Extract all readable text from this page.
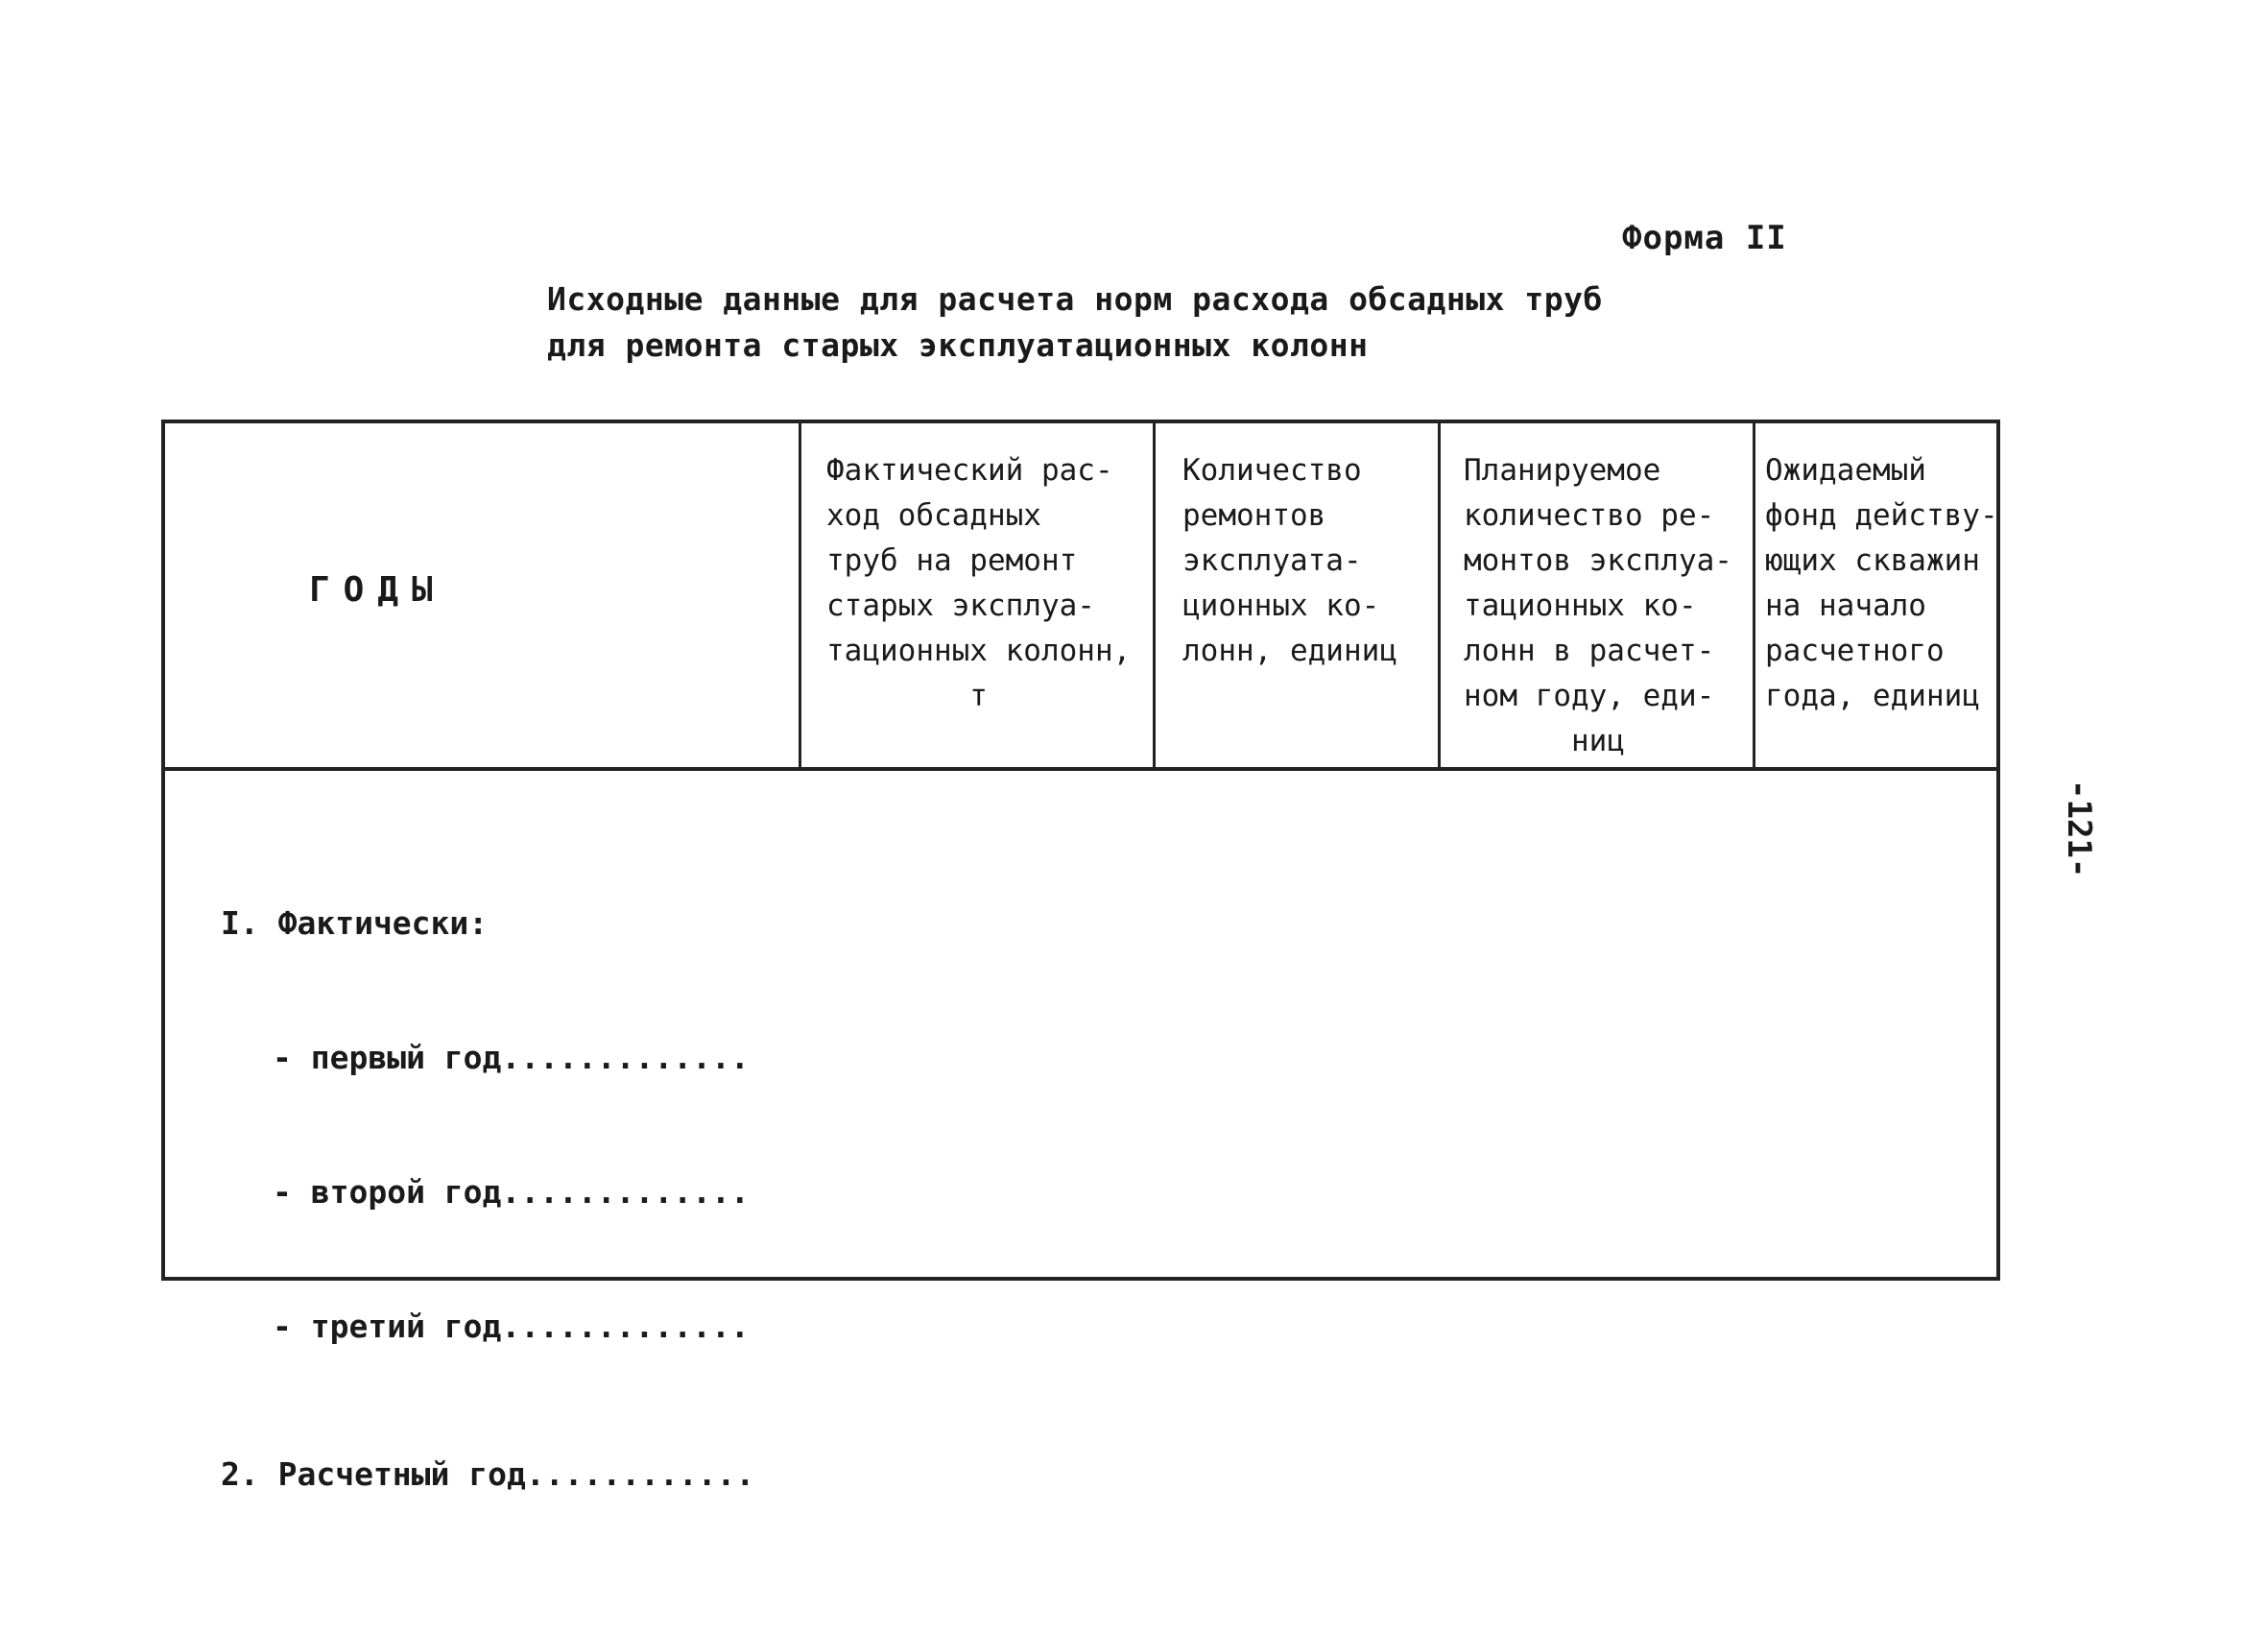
Форма II
Исходные данные для расчета норм расхода обсадных труб
для ремонта старых эксплуатационных колонн

ГОДЫ

Фактический рас-
ход обсадных
труб на ремонт
старых эксплуа-
тационных колонн,
т
Количество
ремонтов
эксплуата-
ционных ко-
лонн, единиц
Планируемое
количество ре-
монтов эксплуа-
тационных ко-
лонн в расчет-
ном году, еди-
ниц
Ожидаемый
фонд действу-
ющих скважин
на начало
расчетного
года, единиц

I. Фактически:

- первый год.............

- второй год.............

- третий год.............

2. Расчетный год............

-121-
